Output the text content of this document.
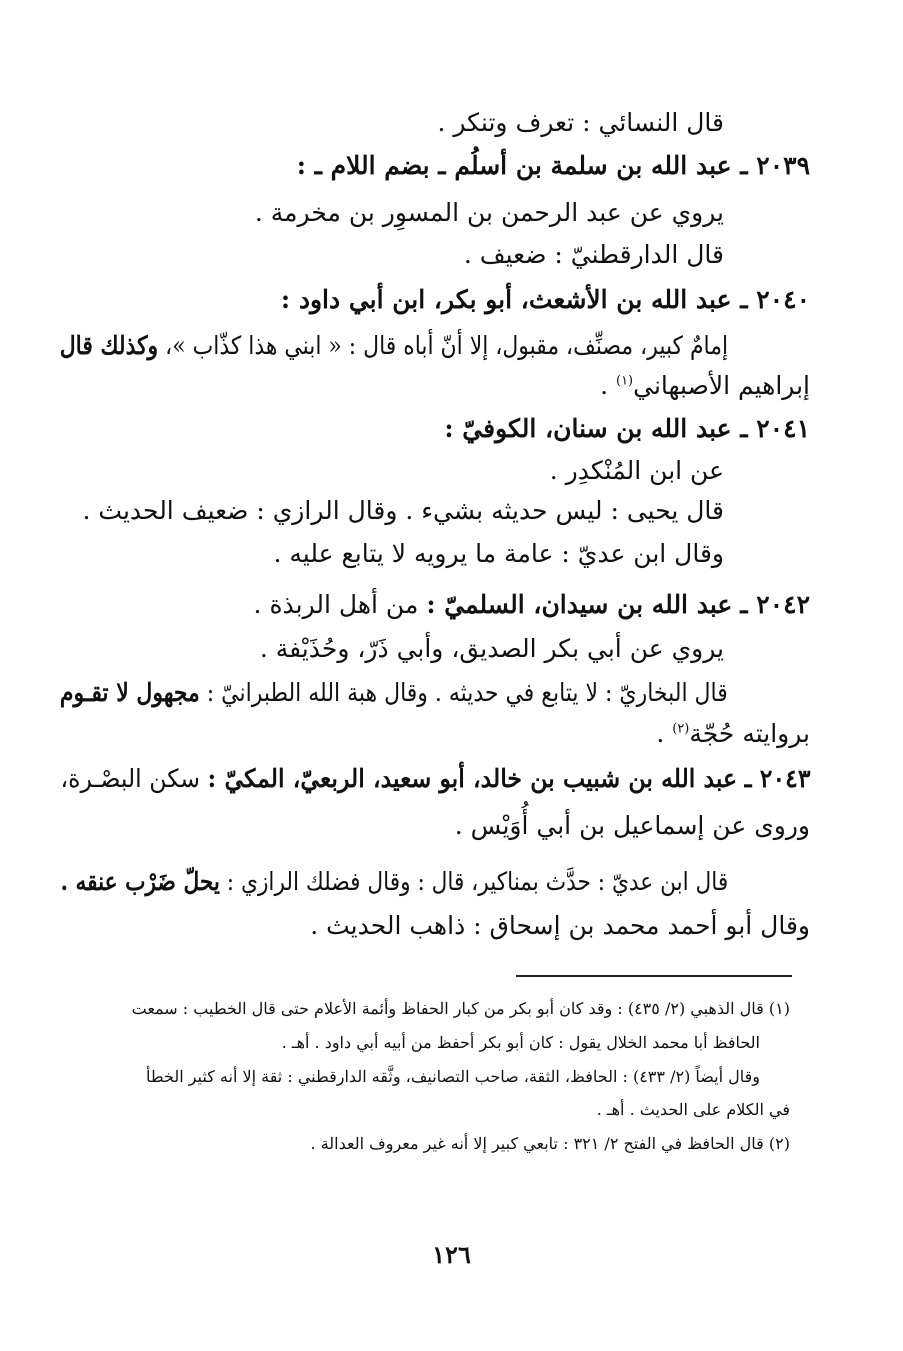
قال النسائي : تعرف وتنكر .
٢٠٣٩ ـ عبد الله بن سلمة بن أسلُم ـ بضم اللام ـ :
يروي عن عبد الرحمن بن المسوِر بن مخرمة .
قال الدارقطنيّ : ضعيف .
٢٠٤٠ ـ عبد الله بن الأشعث، أبو بكر، ابن أبي داود :
إمامٌ كبير، مصنِّف، مقبول، إلا أنّ أباه قال : « ابني هذا كذّاب »، وكذلك قال
إبراهيم الأصبهاني$^{(١)}$ .
٢٠٤١ ـ عبد الله بن سنان، الكوفيّ :
عن ابن المُنْكدِر .
قال يحيى : ليس حديثه بشيء . وقال الرازي : ضعيف الحديث .
وقال ابن عديّ : عامة ما يرويه لا يتابع عليه .
٢٠٤٢ ـ عبد الله بن سيدان، السلميّ : من أهل الربذة .
يروي عن أبي بكر الصديق، وأبي ذَرّ، وحُذَيْفة .
قال البخاريّ : لا يتابع في حديثه . وقال هبة الله الطبرانيّ : مجهول لا تقـوم
بروايته حُجّة$^{(٢)}$ .
٢٠٤٣ ـ عبد الله بن شبيب بن خالد، أبو سعيد، الربعيّ، المكيّ : سكن البصْـرة،
وروى عن إسماعيل بن أبي أُوَيْس .
قال ابن عديّ : حدَّث بمناكير، قال : وقال فضلك الرازي : يحلّ ضَرْب عنقه .
وقال أبو أحمد محمد بن إسحاق : ذاهب الحديث .
(١) قال الذهبي (٢/ ٤٣٥) : وقد كان أبو بكر من كبار الحفاظ وأئمة الأعلام حتى قال الخطيب : سمعت
الحافظ أبا محمد الخلال يقول : كان أبو بكر أحفظ من أبيه أبي داود . أهـ .
وقال أيضاً (٢/ ٤٣٣) : الحافظ، الثقة، صاحب التصانيف، وثَّقه الدارقطني : ثقة إلا أنه كثير الخطأ
في الكلام على الحديث . أهـ .
(٢) قال الحافظ في الفتح ٢/ ٣٢١ : تابعي كبير إلا أنه غير معروف العدالة .
١٢٦
